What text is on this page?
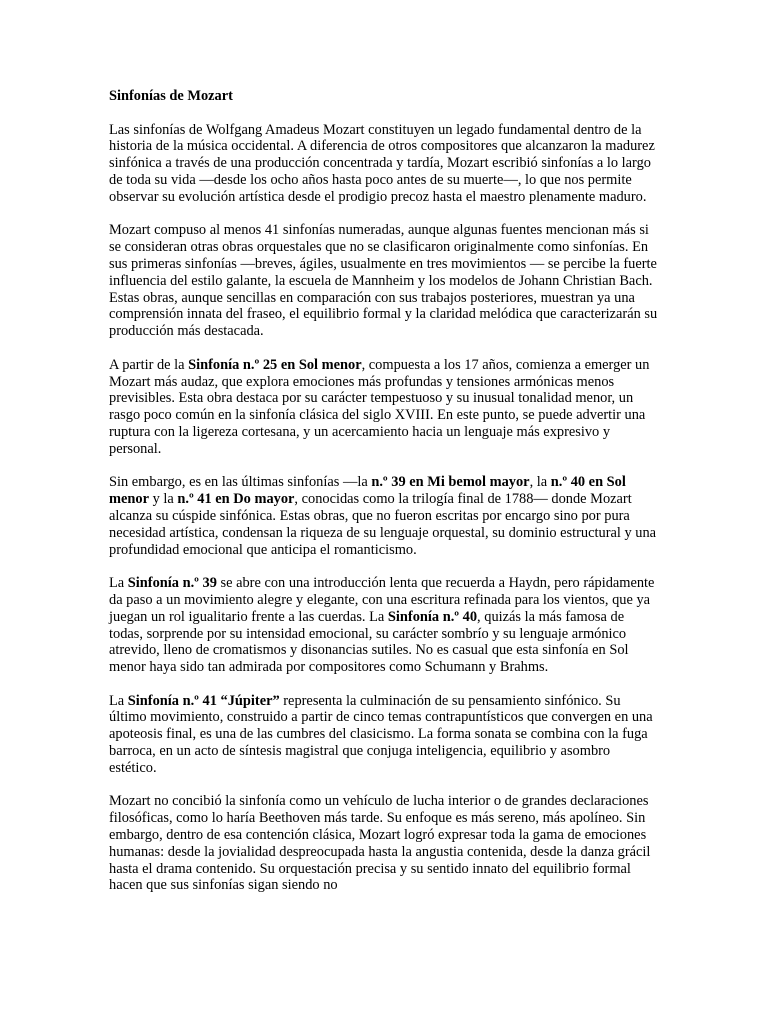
Sinfonías de Mozart

Las sinfonías de Wolfgang Amadeus Mozart constituyen un legado fundamental dentro de la historia de la música occidental. A diferencia de otros compositores que alcanzaron la madurez sinfónica a través de una producción concentrada y tardía, Mozart escribió sinfonías a lo largo de toda su vida —desde los ocho años hasta poco antes de su muerte—, lo que nos permite observar su evolución artística desde el prodigio precoz hasta el maestro plenamente maduro.

Mozart compuso al menos 41 sinfonías numeradas, aunque algunas fuentes mencionan más si se consideran otras obras orquestales que no se clasificaron originalmente como sinfonías. En sus primeras sinfonías —breves, ágiles, usualmente en tres movimientos — se percibe la fuerte influencia del estilo galante, la escuela de Mannheim y los modelos de Johann Christian Bach. Estas obras, aunque sencillas en comparación con sus trabajos posteriores, muestran ya una comprensión innata del fraseo, el equilibrio formal y la claridad melódica que caracterizarán su producción más destacada.

A partir de la Sinfonía n.º 25 en Sol menor, compuesta a los 17 años, comienza a emerger un Mozart más audaz, que explora emociones más profundas y tensiones armónicas menos previsibles. Esta obra destaca por su carácter tempestuoso y su inusual tonalidad menor, un rasgo poco común en la sinfonía clásica del siglo XVIII. En este punto, se puede advertir una ruptura con la ligereza cortesana, y un acercamiento hacia un lenguaje más expresivo y personal.

Sin embargo, es en las últimas sinfonías —la n.º 39 en Mi bemol mayor, la n.º 40 en Sol menor y la n.º 41 en Do mayor, conocidas como la trilogía final de 1788— donde Mozart alcanza su cúspide sinfónica. Estas obras, que no fueron escritas por encargo sino por pura necesidad artística, condensan la riqueza de su lenguaje orquestal, su dominio estructural y una profundidad emocional que anticipa el romanticismo.

La Sinfonía n.º 39 se abre con una introducción lenta que recuerda a Haydn, pero rápidamente da paso a un movimiento alegre y elegante, con una escritura refinada para los vientos, que ya juegan un rol igualitario frente a las cuerdas. La Sinfonía n.º 40, quizás la más famosa de todas, sorprende por su intensidad emocional, su carácter sombrío y su lenguaje armónico atrevido, lleno de cromatismos y disonancias sutiles. No es casual que esta sinfonía en Sol menor haya sido tan admirada por compositores como Schumann y Brahms.

La Sinfonía n.º 41 “Júpiter” representa la culminación de su pensamiento sinfónico. Su último movimiento, construido a partir de cinco temas contrapuntísticos que convergen en una apoteosis final, es una de las cumbres del clasicismo. La forma sonata se combina con la fuga barroca, en un acto de síntesis magistral que conjuga inteligencia, equilibrio y asombro estético.

Mozart no concibió la sinfonía como un vehículo de lucha interior o de grandes declaraciones filosóficas, como lo haría Beethoven más tarde. Su enfoque es más sereno, más apolíneo. Sin embargo, dentro de esa contención clásica, Mozart logró expresar toda la gama de emociones humanas: desde la jovialidad despreocupada hasta la angustia contenida, desde la danza grácil hasta el drama contenido. Su orquestación precisa y su sentido innato del equilibrio formal hacen que sus sinfonías sigan siendo no
